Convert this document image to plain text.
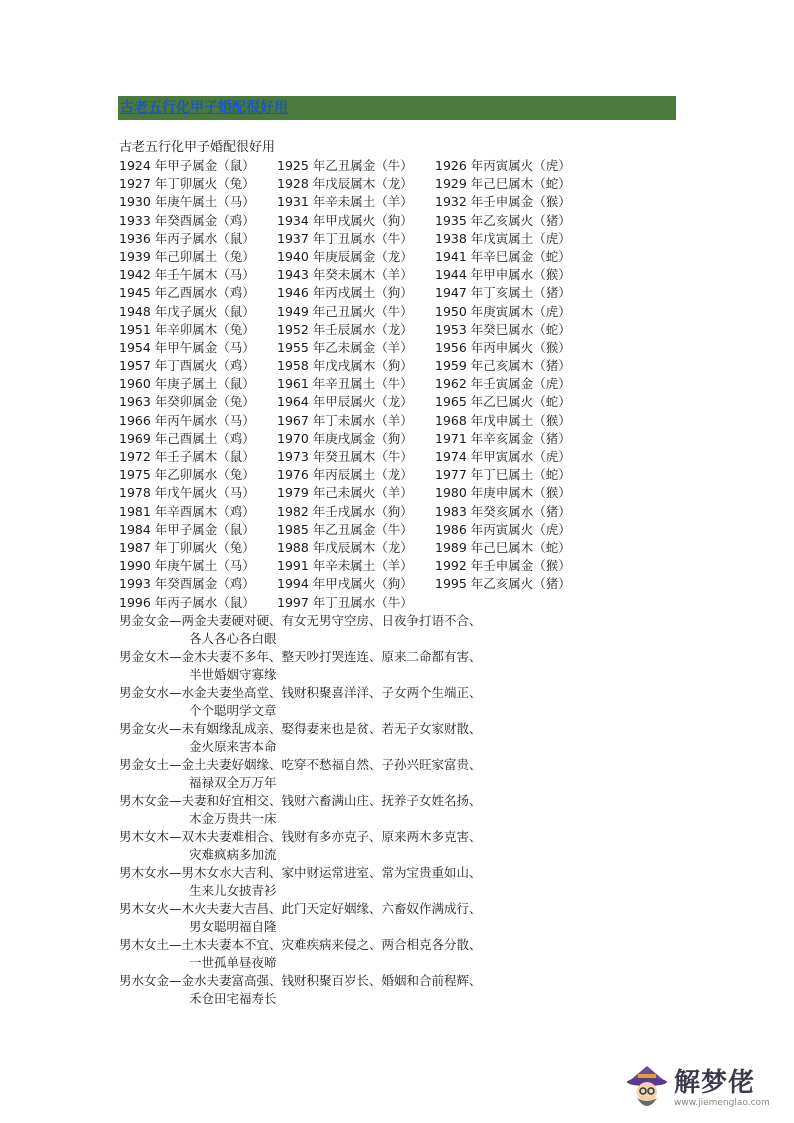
古老五行化甲子婚配很好用
古老五行化甲子婚配很好用
1924 年甲子属金（鼠） 1925 年乙丑属金（牛） 1926 年丙寅属火（虎）
1927 年丁卯属火（兔） 1928 年戊辰属木（龙） 1929 年己巳属木（蛇）
1930 年庚午属土（马） 1931 年辛未属土（羊） 1932 年壬申属金（猴）
1933 年癸酉属金（鸡） 1934 年甲戌属火（狗） 1935 年乙亥属火（猪）
1936 年丙子属水（鼠） 1937 年丁丑属水（牛） 1938 年戊寅属土（虎）
1939 年己卯属土（兔） 1940 年庚辰属金（龙） 1941 年辛巳属金（蛇）
1942 年壬午属木（马） 1943 年癸未属木（羊） 1944 年甲申属水（猴）
1945 年乙酉属水（鸡） 1946 年丙戌属土（狗） 1947 年丁亥属土（猪）
1948 年戊子属火（鼠） 1949 年己丑属火（牛） 1950 年庚寅属木（虎）
1951 年辛卯属木（兔） 1952 年壬辰属水（龙） 1953 年癸巳属水（蛇）
1954 年甲午属金（马） 1955 年乙未属金（羊） 1956 年丙申属火（猴）
1957 年丁酉属火（鸡） 1958 年戊戌属木（狗） 1959 年己亥属木（猪）
1960 年庚子属土（鼠） 1961 年辛丑属土（牛） 1962 年壬寅属金（虎）
1963 年癸卯属金（兔） 1964 年甲辰属火（龙） 1965 年乙巳属火（蛇）
1966 年丙午属水（马） 1967 年丁未属水（羊） 1968 年戊申属土（猴）
1969 年己酉属土（鸡） 1970 年庚戌属金（狗） 1971 年辛亥属金（猪）
1972 年壬子属木（鼠） 1973 年癸丑属木（牛） 1974 年甲寅属水（虎）
1975 年乙卯属水（兔） 1976 年丙辰属土（龙） 1977 年丁巳属土（蛇）
1978 年戊午属火（马） 1979 年己未属火（羊） 1980 年庚申属木（猴）
1981 年辛酉属木（鸡） 1982 年壬戌属水（狗） 1983 年癸亥属水（猪）
1984 年甲子属金（鼠） 1985 年乙丑属金（牛） 1986 年丙寅属火（虎）
1987 年丁卯属火（兔） 1988 年戊辰属木（龙） 1989 年己巳属木（蛇）
1990 年庚午属土（马） 1991 年辛未属土（羊） 1992 年壬申属金（猴）
1993 年癸酉属金（鸡） 1994 年甲戌属火（狗） 1995 年乙亥属火（猪）
1996 年丙子属水（鼠） 1997 年丁丑属水（牛）
男金女金—两金夫妻硬对硬、有女无男守空房、日夜争打语不合、
各人各心各白眼
男金女木—金木夫妻不多年、整天吵打哭连连、原来二命都有害、
半世婚姻守寡缘
男金女水—水金夫妻坐高堂、钱财积聚喜洋洋、子女两个生端正、
个个聪明学文章
男金女火—未有姻缘乱成亲、娶得妻来也是贫、若无子女家财散、
金火原来害本命
男金女土—金土夫妻好姻缘、吃穿不愁福自然、子孙兴旺家富贵、
福禄双全万万年
男木女金—夫妻和好宜相交、钱财六畜满山庄、抚养子女姓名扬、
木金万贵共一床
男木女木—双木夫妻难相合、钱财有多亦克子、原来两木多克害、
灾难疯病多加流
男木女水—男木女水大吉利、家中财运常进室、常为宝贵重如山、
生来儿女披青衫
男木女火—木火夫妻大吉昌、此门天定好姻缘、六畜奴作满成行、
男女聪明福自隆
男木女土—土木夫妻本不宜、灾难疾病来侵之、两合相克各分散、
一世孤单昼夜啼
男水女金—金水夫妻富高强、钱财积聚百岁长、婚姻和合前程辉、
禾仓田宅福寿长
解梦佬
www.jiemenglao.com
